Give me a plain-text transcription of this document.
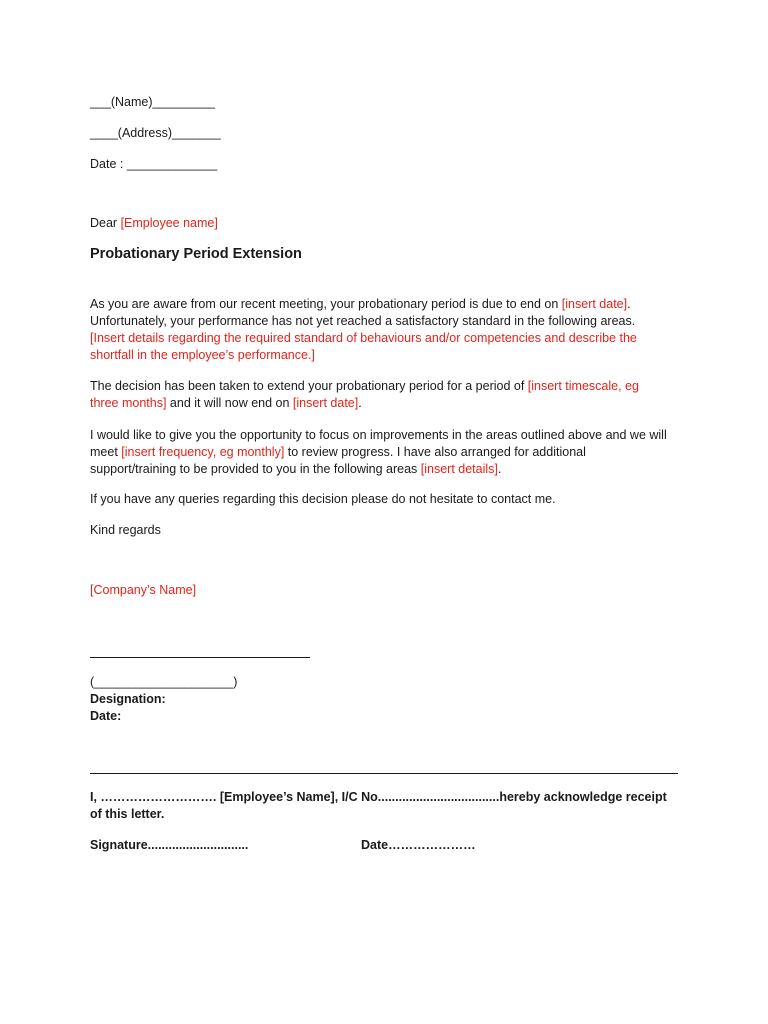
___(Name)_________
____(Address)_______
Date : _____________
Dear [Employee name]
Probationary Period Extension
As you are aware from our recent meeting, your probationary period is due to end on [insert date]. Unfortunately, your performance has not yet reached a satisfactory standard in the following areas. [Insert details regarding the required standard of behaviours and/or competencies and describe the shortfall in the employee’s performance.]
The decision has been taken to extend your probationary period for a period of [insert timescale, eg three months] and it will now end on [insert date].
I would like to give you the opportunity to focus on improvements in the areas outlined above and we will meet [insert frequency, eg monthly] to review progress. I have also arranged for additional support/training to be provided to you in the following areas [insert details].
If you have any queries regarding this decision please do not hesitate to contact me.
Kind regards
[Company’s Name]
(____________________)
Designation:
Date:
I, ………………………. [Employee’s Name], I/C No...................................hereby acknowledge receipt of this letter.
Signature.............................	Date…………………
